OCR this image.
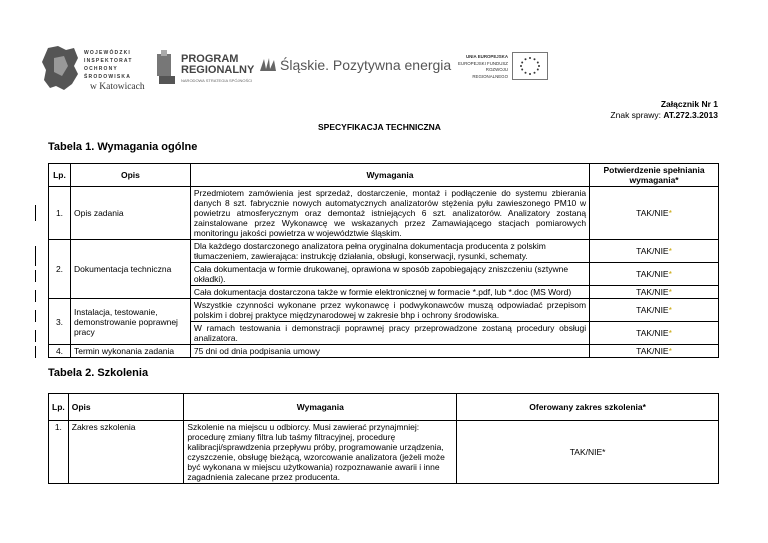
WOJEWÓDZKI
INSPEKTORAT
OCHRONY
ŚRODOWISKA
w Katowicach
PROGRAM
REGIONALNY
NARODOWA STRATEGIA SPÓJNOŚCI
Śląskie. Pozytywna energia
UNIA EUROPEJSKA
EUROPEJSKI FUNDUSZ
ROZWOJU REGIONALNEGO
Załącznik Nr 1
Znak sprawy: AT.272.3.2013
SPECYFIKACJA TECHNICZNA
Tabela 1. Wymagania ogólne
Lp.	Opis	Wymagania	Potwierdzenie spełniania wymagania*
1.	Opis zadania	Przedmiotem zamówienia jest sprzedaż, dostarczenie, montaż i podłączenie do systemu zbierania danych 8 szt. fabrycznie nowych automatycznych analizatorów stężenia pyłu zawieszonego PM10 w powietrzu atmosferycznym oraz demontaż istniejących 6 szt. analizatorów. Analizatory zostaną zainstalowane przez Wykonawcę we wskazanych przez Zamawiającego stacjach pomiarowych monitoringu jakości powietrza w województwie śląskim.	TAK/NIE*
2.	Dokumentacja techniczna	Dla każdego dostarczonego analizatora pełna oryginalna dokumentacja producenta z polskim tłumaczeniem, zawierająca: instrukcję działania, obsługi, konserwacji, rysunki, schematy.	TAK/NIE*
		Cała dokumentacja w formie drukowanej, oprawiona w sposób zapobiegający zniszczeniu (sztywne okładki).	TAK/NIE*
		Cała dokumentacja dostarczona także w formie elektronicznej w formacie *.pdf, lub *.doc (MS Word)	TAK/NIE*
3.	Instalacja, testowanie, demonstrowanie poprawnej pracy	Wszystkie czynności wykonane przez wykonawcę i podwykonawców muszą odpowiadać przepisom polskim i dobrej praktyce międzynarodowej w zakresie bhp i ochrony środowiska.	TAK/NIE*
		W ramach testowania i demonstracji poprawnej pracy przeprowadzone zostaną procedury obsługi analizatora.	TAK/NIE*
4.	Termin wykonania zadania	75 dni od dnia podpisania umowy	TAK/NIE*
Tabela 2. Szkolenia
Lp.	Opis	Wymagania	Oferowany zakres szkolenia*
1.	Zakres szkolenia	Szkolenie na miejscu u odbiorcy. Musi zawierać przynajmniej: procedurę zmiany filtra lub taśmy filtracyjnej, procedurę kalibracji/sprawdzenia przepływu próby, programowanie urządzenia, czyszczenie, obsługę bieżącą, wzorcowanie analizatora (jeżeli może być wykonana w miejscu użytkowania) rozpoznawanie awarii i inne zagadnienia zalecane przez producenta.	TAK/NIE*
